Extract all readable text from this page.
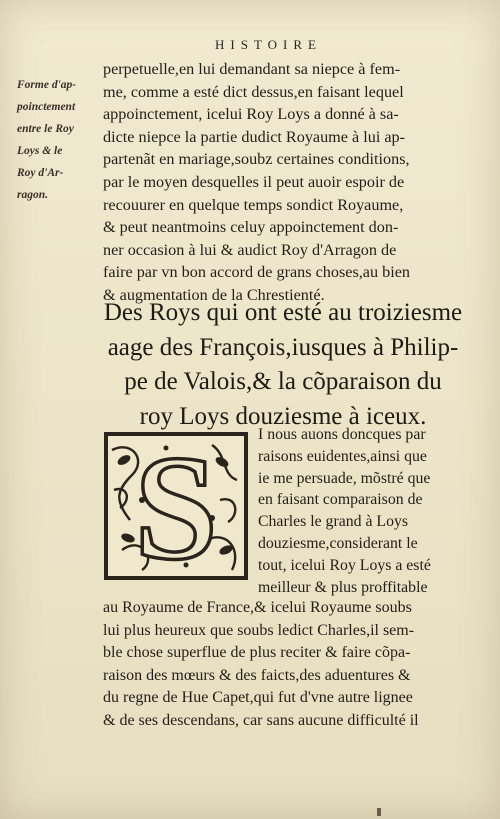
HISTOIRE
Forme d'ap-
poinctement
entre le Roy
Loys & le
Roy d'Ar-
ragon.
perpetuelle,en lui demandant sa niepce à fem-
me, comme a esté dict dessus,en faisant lequel
appoinctement, icelui Roy Loys a donné à sa-
dicte niepce la partie dudict Royaume à lui ap-
partenãt en mariage,soubz certaines conditions,
par le moyen desquelles il peut auoir espoir de
recouurer en quelque temps sondict Royaume,
& peut neantmoins celuy appoinctement don-
ner occasion à lui & audict Roy d'Arragon de
faire par vn bon accord de grans choses,au bien
& augmentation de la Chrestienté.
Des Roys qui ont esté au troiziesme
aage des François,iusques à Philip-
pe de Valois,& la cõparaison du
roy Loys douziesme à iceux.
S	I nous auons doncques par
raisons euidentes,ainsi que
ie me persuade, mõstré que
en faisant comparaison de
Charles le grand à Loys
douziesme,considerant le
tout, icelui Roy Loys a esté
meilleur & plus proffitable
au Royaume de France,& icelui Royaume soubs
lui plus heureux que soubs ledict Charles,il sem-
ble chose superflue de plus reciter & faire cõpa-
raison des mœurs & des faicts,des aduentures &
du regne de Hue Capet,qui fut d'vne autre lignee
& de ses descendans, car sans aucune difficulté il
